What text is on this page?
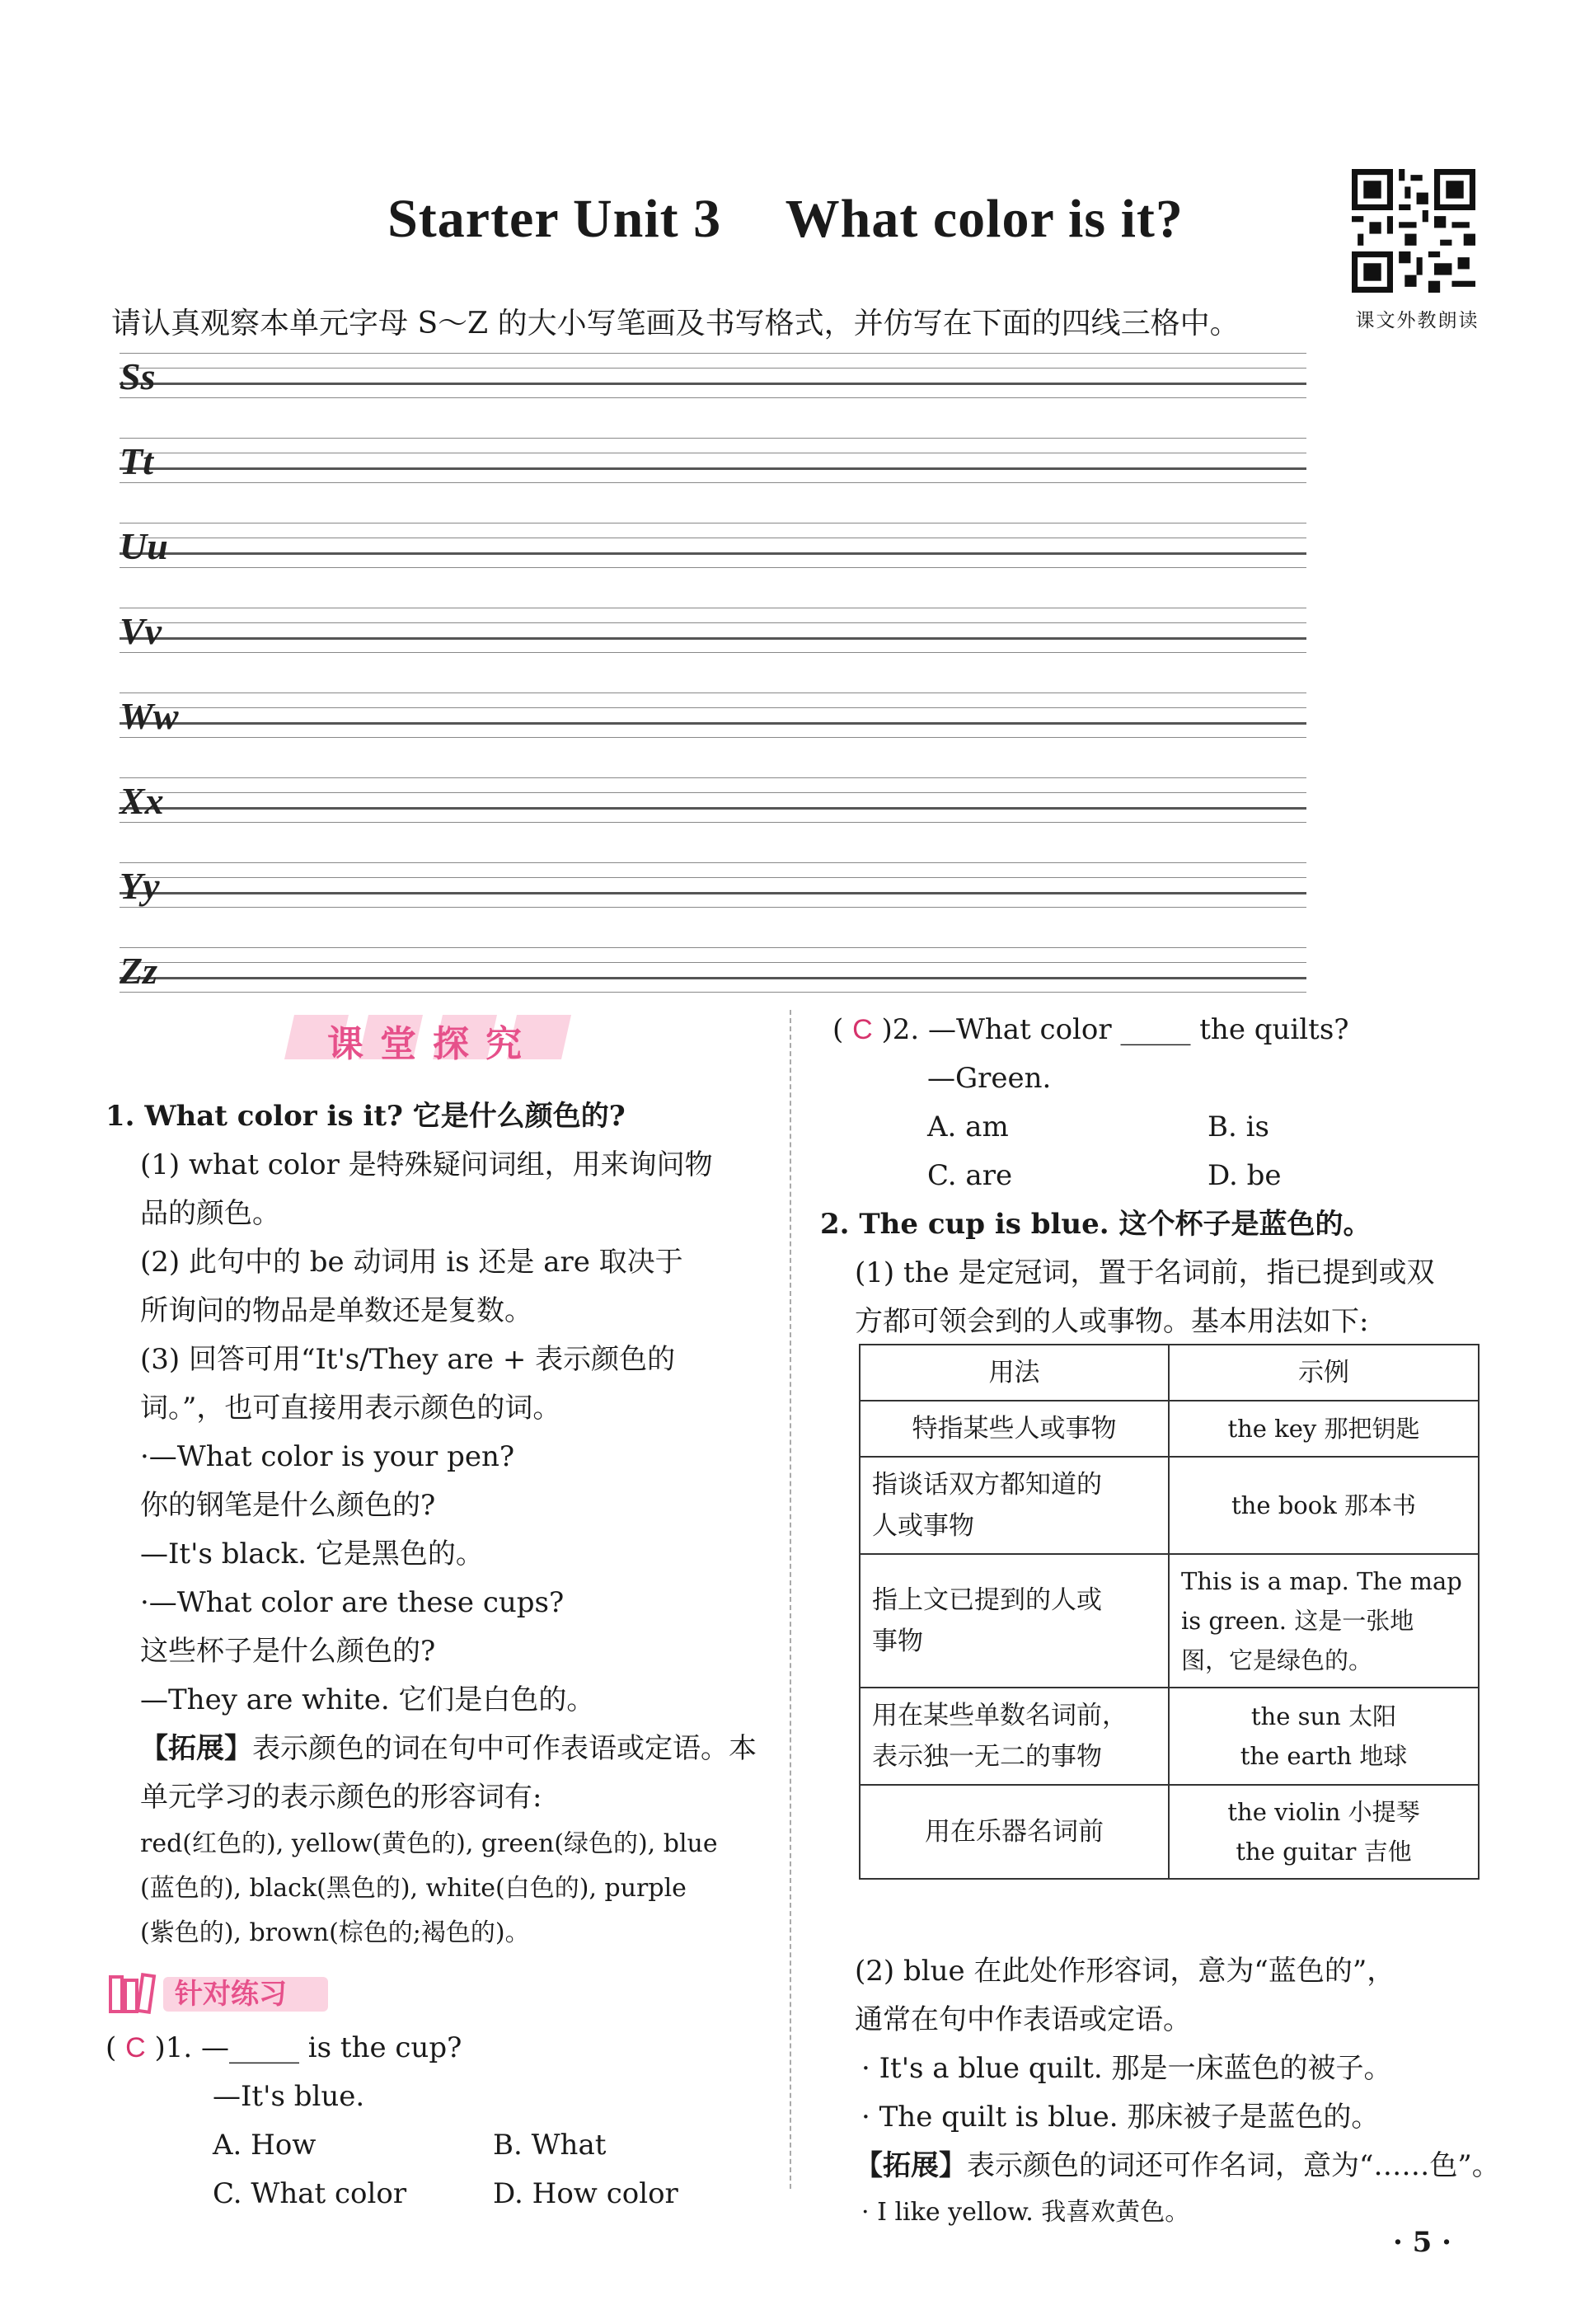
Starter Unit 3 What color is it?
课文外教朗读
请认真观察本单元字母 S～Z 的大小写笔画及书写格式，并仿写在下面的四线三格中。
Ss
Tt
Uu
Vv
Ww
Xx
Yy
Zz
课堂探究
1. What color is it? 它是什么颜色的?
(1) what color 是特殊疑问词组，用来询问物
品的颜色。
(2) 此句中的 be 动词用 is 还是 are 取决于
所询问的物品是单数还是复数。
(3) 回答可用“It's/They are + 表示颜色的
词。”，也可直接用表示颜色的词。
·—What color is your pen?
你的钢笔是什么颜色的?
—It's black. 它是黑色的。
·—What color are these cups?
这些杯子是什么颜色的?
—They are white. 它们是白色的。
【拓展】表示颜色的词在句中可作表语或定语。本
单元学习的表示颜色的形容词有:
red(红色的), yellow(黄色的), green(绿色的), blue
(蓝色的), black(黑色的), white(白色的), purple
(紫色的), brown(棕色的;褐色的)。
针对练习
( C )1. —_____ is the cup?
—It's blue.
A. How	B. What
C. What color	D. How color
( C )2. —What color _____ the quilts?
—Green.
A. am	B. is
C. are	D. be
2. The cup is blue. 这个杯子是蓝色的。
(1) the 是定冠词，置于名词前，指已提到或双
方都可领会到的人或事物。基本用法如下:
用法	示例
特指某些人或事物	the key 那把钥匙
指谈话双方都知道的
人或事物	the book 那本书
指上文已提到的人或
事物	This is a map. The map
is green. 这是一张地
图，它是绿色的。
用在某些单数名词前，
表示独一无二的事物	the sun 太阳
the earth 地球
用在乐器名词前	the violin 小提琴
the guitar 吉他
(2) blue 在此处作形容词，意为“蓝色的”，
通常在句中作表语或定语。
· It's a blue quilt. 那是一床蓝色的被子。
· The quilt is blue. 那床被子是蓝色的。
【拓展】表示颜色的词还可作名词，意为“……色”。
· I like yellow. 我喜欢黄色。
· 5 ·
